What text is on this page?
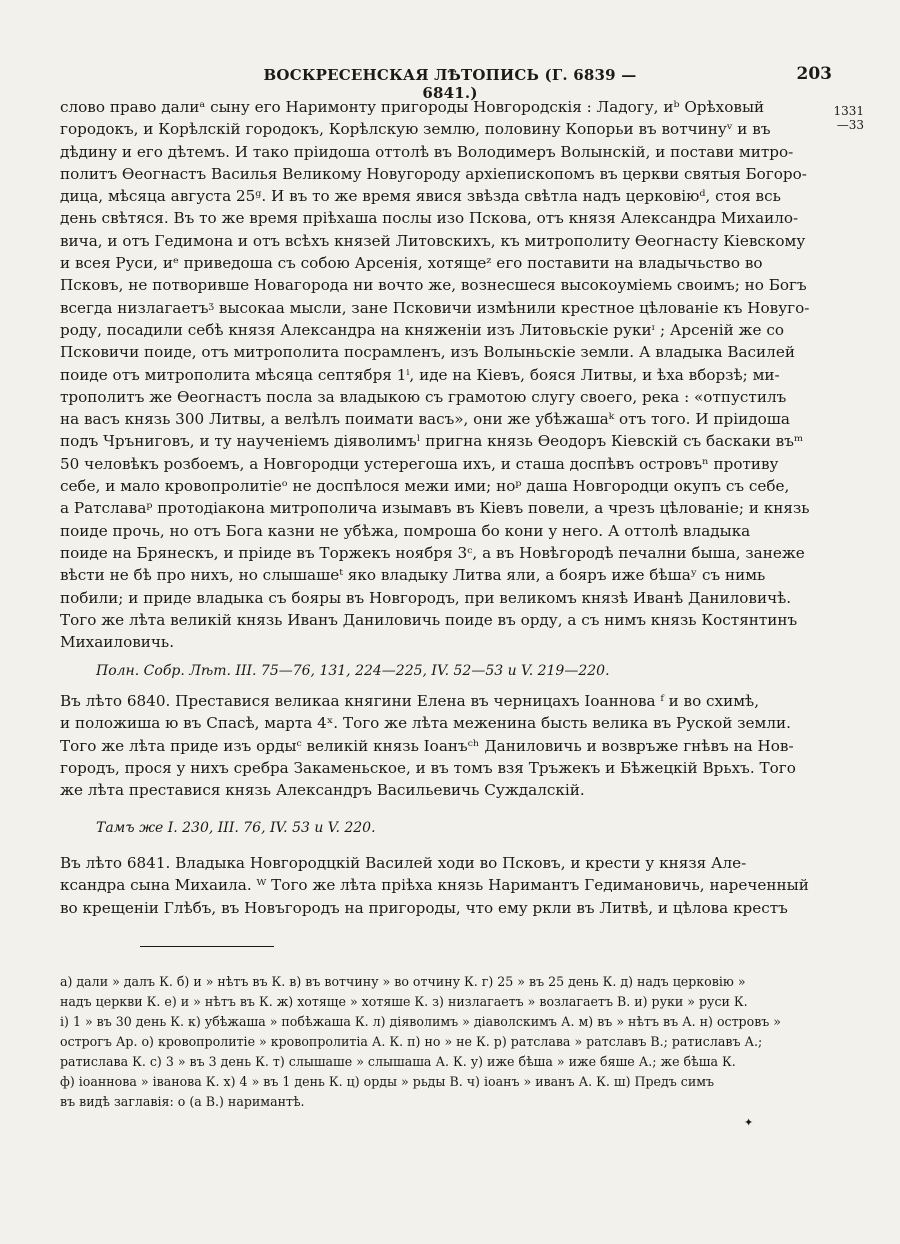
ВОСКРЕСЕНСКАЯ ЛѢТОПИСЬ (Г. 6839 — 6841.)
203
1331
—33
слово право далиᵃ сыну его Наримонту пригороды Новгородскія : Ладогу, иᵇ Орѣховый
городокъ, и Корѣлскій городокъ, Корѣлскую землю, половину Копорьи въ вотчинуᵛ и въ
дѣдину и его дѣтемъ. И тако пріидоша оттолѣ въ Володимеръ Волынскій, и постави митро-
политъ Ѳеогнастъ Василья Великому Новугороду архіепископомъ въ церкви святыя Богоро-
дица, мѣсяца августа 25ᵍ. И въ то же время явися звѣзда свѣтла надъ церковіюᵈ, стоя всь
день свѣтяся. Въ то же время пріѣхаша послы изо Пскова, отъ князя Александра Михаило-
вича, и отъ Гедимона и отъ всѣхъ князей Литовскихъ, къ митрополиту Ѳеогнасту Кіевскому
и всея Руси, иᵉ приведоша съ собою Арсенія, хотящеᶻ его поставити на владычьство во
Псковъ, не потворивше Новагорода ни вочто же, вознесшеся высокоуміемь своимъ; но Богъ
всегда низлагаетъᶾ высокаа мысли, зане Псковичи измѣнили крестное цѣлованіе къ Новуго-
роду, посадили себѣ князя Александра на княженіи изъ Литовьскіе рукиᶦ ; Арсеній же со
Псковичи поиде, отъ митрополита посрамленъ, изъ Волыньскіе земли. А владыка Василей
поиде отъ митрополита мѣсяца септября 1ⁱ, иде на Кіевъ, бояся Литвы, и ѣха вборзѣ; ми-
трополитъ же Ѳеогнастъ посла за владыкою съ грамотою слугу своего, река : «отпустилъ
на васъ князь 300 Литвы, а велѣлъ поимати васъ», они же убѣжашаᵏ отъ того. И пріидоша
подъ Чръниговъ, и ту наученіемъ діяволимъˡ пригна князь Ѳеодоръ Кіевскій съ баскаки въᵐ
50 человѣкъ розбоемъ, а Новгородци устерегоша ихъ, и сташа доспѣвъ островъⁿ противу
себе, и мало кровопролитіеᵒ не доспѣлося межи ими; ноᵖ даша Новгородци окупъ съ себе,
а Ратславаᵖ протодіакона митрополича изымавъ въ Кіевъ повели, а чрезъ цѣлованіе; и князь
поиде прочь, но отъ Бога казни не убѣжа, помроша бо кони у него. А оттолѣ владыка
поиде на Брянескъ, и пріиде въ Торжекъ ноября 3ᶜ, а въ Новѣгородѣ печални быша, занеже
вѣсти не бѣ про нихъ, но слышашеᵗ яко владыку Литва яли, а бояръ иже бѣшаʸ съ нимь
побили; и приде владыка съ бояры въ Новгородъ, при великомъ князѣ Иванѣ Даниловичѣ.
Того же лѣта великій князь Иванъ Даниловичь поиде въ орду, а съ нимъ князь Костянтинъ
Михаиловичь.
Полн. Собр. Лѣт. III. 75—76, 131, 224—225, IV. 52—53 и V. 219—220.
Въ лѣто 6840. Преставися великаа княгини Елена въ черницахъ Іоаннова ᶠ и во схимѣ,
и положиша ю въ Спасѣ, марта 4ˣ. Того же лѣта меженина бысть велика въ Руской земли.
Того же лѣта приде изъ ордыᶜ великій князь Іоанъᶜʰ Даниловичь и возвръже гнѣвъ на Нов-
городъ, прося у нихъ сребра Закаменьское, и въ томъ взя Тръжекъ и Бѣжецкій Врьхъ. Того
же лѣта преставися князь Александръ Васильевичь Суждалскій.
Тамъ же I. 230, III. 76, IV. 53 и V. 220.
Въ лѣто 6841. Владыка Новгородцкій Василей ходи во Псковъ, и крести у князя Але-
ксандра сына Михаила. ᵂ Того же лѣта пріѣха князь Наримантъ Гедимановичь, нареченный
во крещеніи Глѣбъ, въ Новъгородъ на пригороды, что ему ркли въ Литвѣ, и цѣлова крестъ
а) дали » далъ К. б) и » нѣтъ въ К. в) въ вотчину » во отчину К. г) 25 » въ 25 день К. д) надъ церковію »
надъ церкви К. е) и » нѣтъ въ К. ж) хотяще » хотяше К. з) низлагаетъ » возлагаетъ В. и) руки » руси К.
і) 1 » въ 30 день К. к) убѣжаша » побѣжаша К. л) діяволимъ » діаволскимъ А. м) въ » нѣтъ въ А. н) островъ »
острогъ Ар. о) кровопролитіе » кровопролитіа А. К. п) но » не К. р) ратслава » ратславъ В.; ратиславъ А.;
ратислава К. с) 3 » въ 3 день К. т) слышаше » слышаша А. К. у) иже бѣша » иже бяше А.; же бѣша К.
ф) іоаннова » іванова К. х) 4 » въ 1 день К. ц) орды » рьды В. ч) іоанъ » иванъ А. К. ш) Предъ симъ
въ видѣ заглавія: о (а В.) наримантѣ.
✦
